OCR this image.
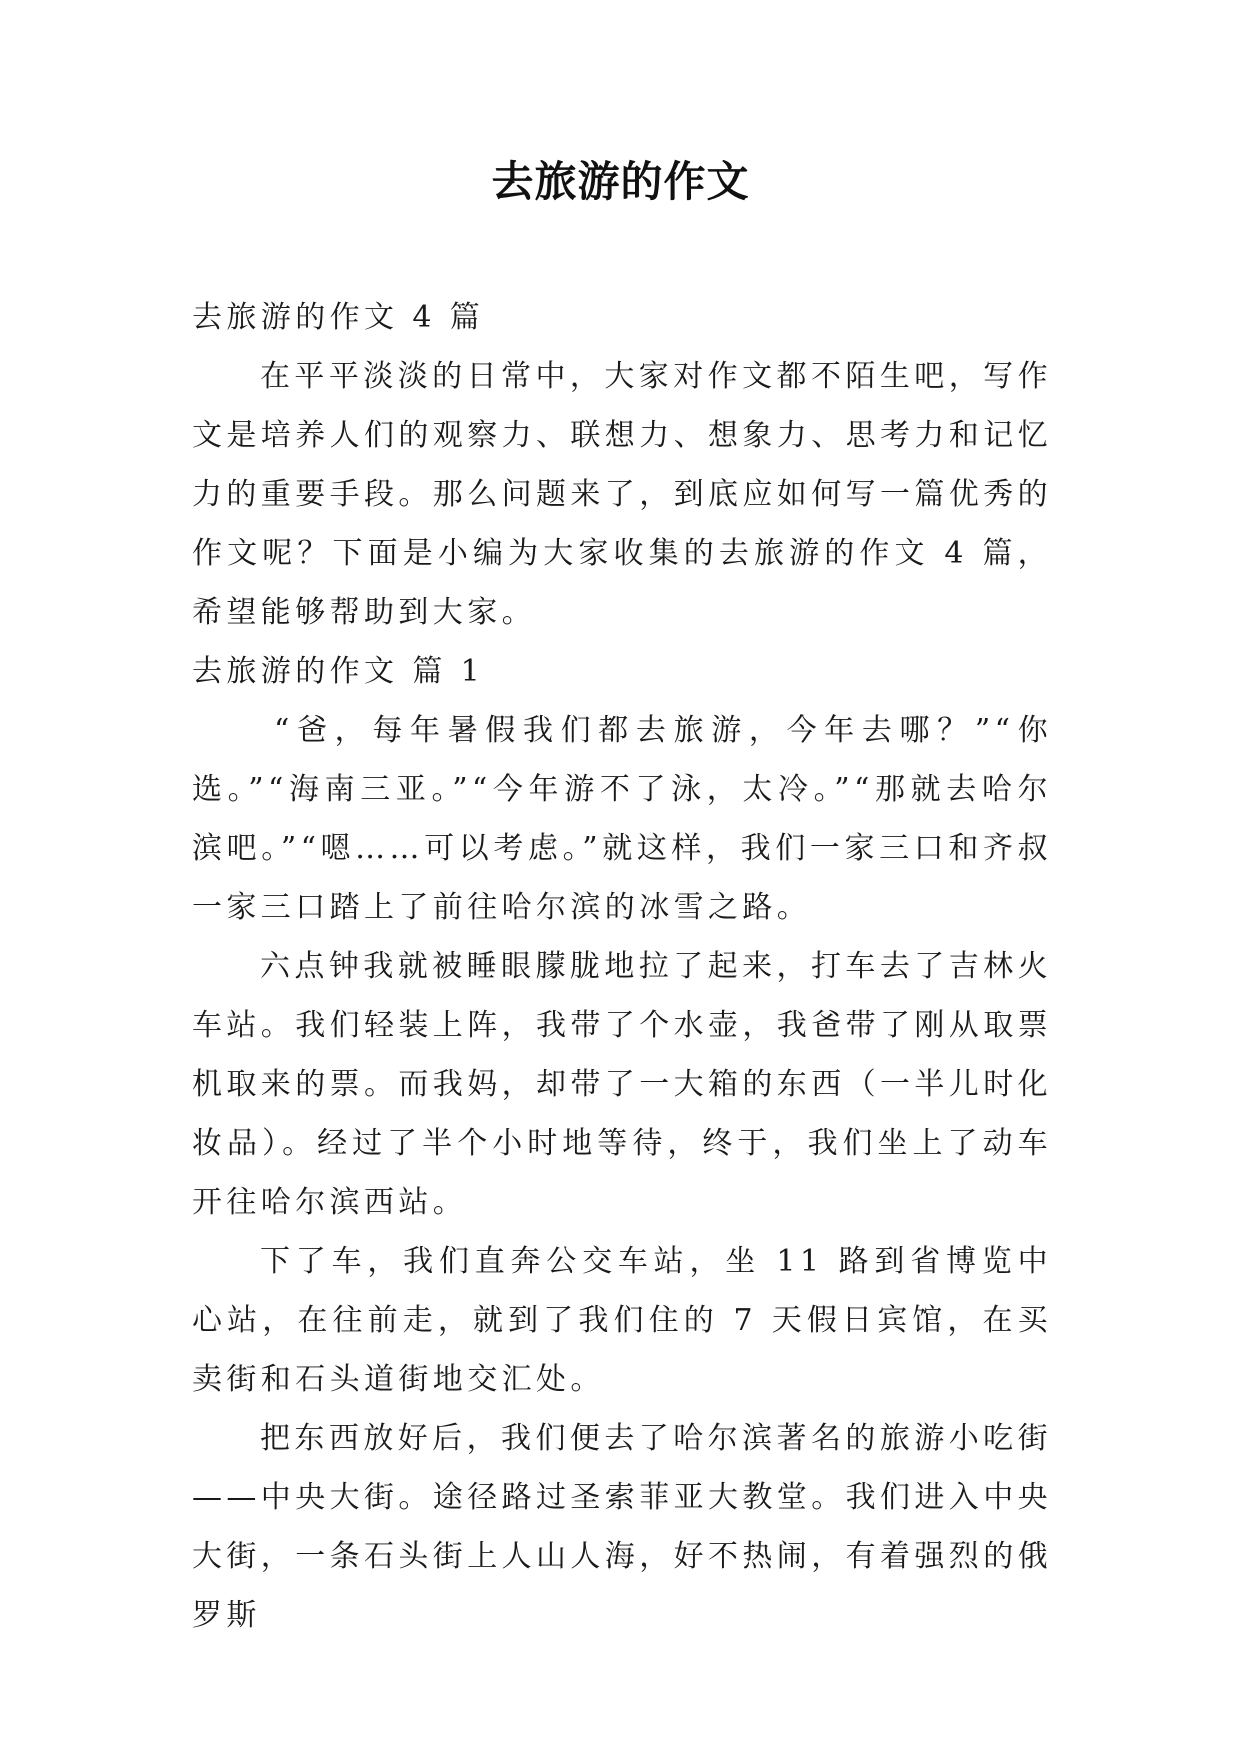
去旅游的作文

去旅游的作文 4 篇

在平平淡淡的日常中，大家对作文都不陌生吧，写作文是培养人们的观察力、联想力、想象力、思考力和记忆力的重要手段。那么问题来了，到底应如何写一篇优秀的作文呢？下面是小编为大家收集的去旅游的作文 4 篇，希望能够帮助到大家。

去旅游的作文 篇 1

“爸，每年暑假我们都去旅游，今年去哪？”“你选。”“海南三亚。”“今年游不了泳，太冷。”“那就去哈尔滨吧。”“嗯……可以考虑。”就这样，我们一家三口和齐叔一家三口踏上了前往哈尔滨的冰雪之路。

六点钟我就被睡眼朦胧地拉了起来，打车去了吉林火车站。我们轻装上阵，我带了个水壶，我爸带了刚从取票机取来的票。而我妈，却带了一大箱的东西（一半儿时化妆品）。经过了半个小时地等待，终于，我们坐上了动车开往哈尔滨西站。

下了车，我们直奔公交车站，坐 11 路到省博览中心站，在往前走，就到了我们住的 7 天假日宾馆，在买卖街和石头道街地交汇处。

把东西放好后，我们便去了哈尔滨著名的旅游小吃街——中央大街。途径路过圣索菲亚大教堂。我们进入中央大街，一条石头街上人山人海，好不热闹，有着强烈的俄罗斯
